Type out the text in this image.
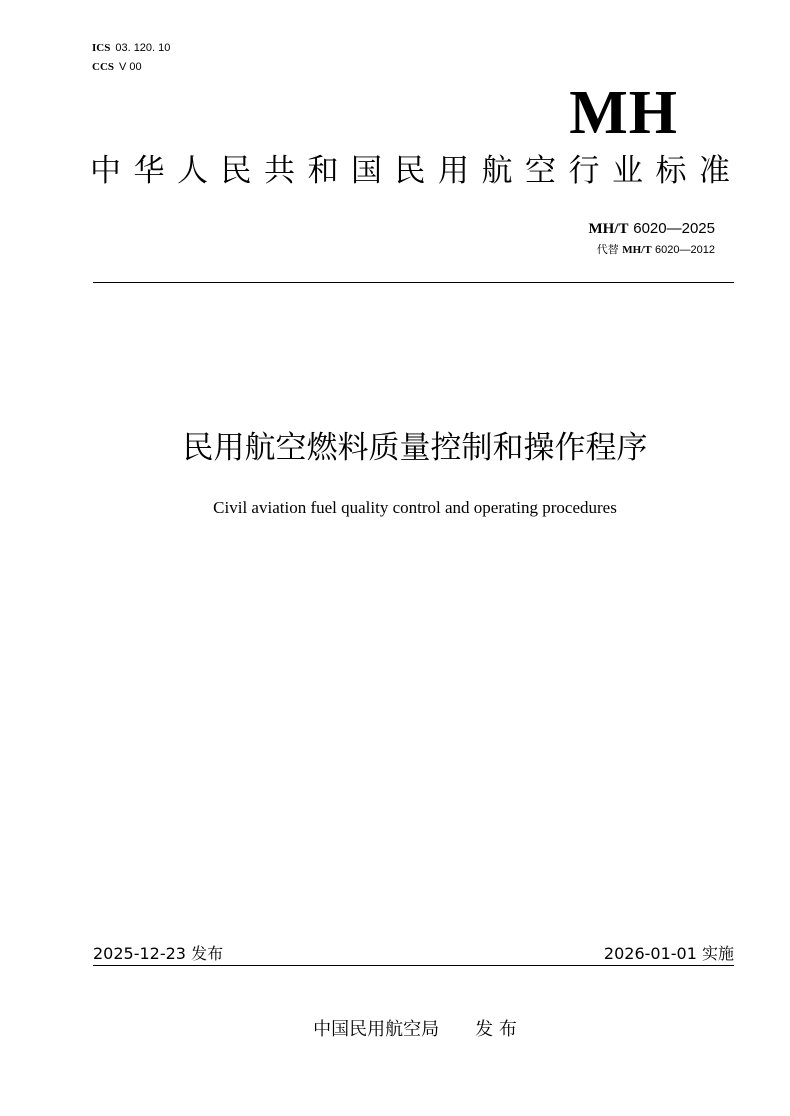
ICS 03. 120. 10
CCS V 00
MH
中 华 人 民 共 和 国 民 用 航 空 行 业 标 准
MH/T 6020—2025
代替 MH/T 6020—2012
民用航空燃料质量控制和操作程序
Civil aviation fuel quality control and operating procedures
2025-12-23 发布	2026-01-01 实施
中国民用航空局 发 布
